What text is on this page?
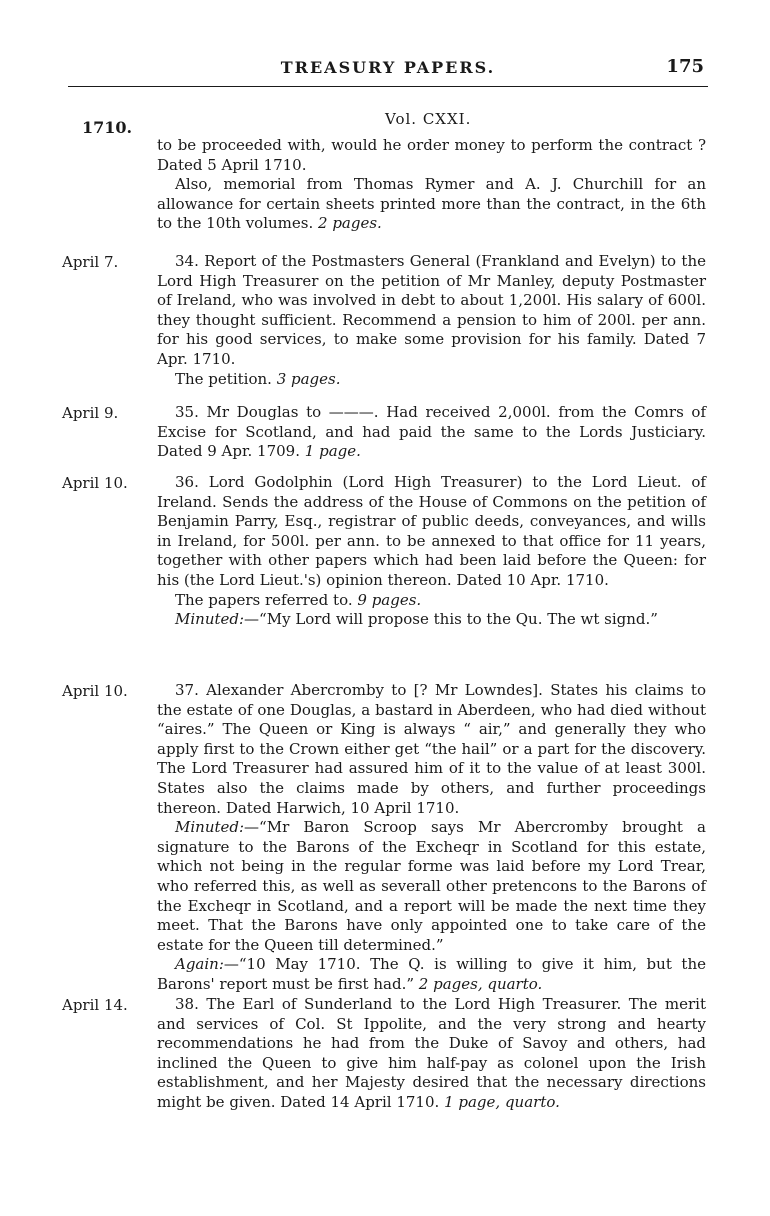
TREASURY PAPERS.	175
1710.	Vol. CXXI.

to be proceeded with, would he order money to perform the contract ? Dated 5 April 1710.

Also, memorial from Thomas Rymer and A. J. Churchill for an allowance for certain sheets printed more than the contract, in the 6th to the 10th volumes. 2 pages.

April 7.	34. Report of the Postmasters General (Frankland and Evelyn) to the Lord High Treasurer on the petition of Mr Manley, deputy Postmaster of Ireland, who was involved in debt to about 1,200l. His salary of 600l. they thought sufficient. Recommend a pension to him of 200l. per ann. for his good services, to make some provision for his family. Dated 7 Apr. 1710.

The petition. 3 pages.

April 9.	35. Mr Douglas to ———. Had received 2,000l. from the Comrs of Excise for Scotland, and had paid the same to the Lords Justiciary. Dated 9 Apr. 1709. 1 page.

April 10.	36. Lord Godolphin (Lord High Treasurer) to the Lord Lieut. of Ireland. Sends the address of the House of Commons on the petition of Benjamin Parry, Esq., registrar of public deeds, conveyances, and wills in Ireland, for 500l. per ann. to be annexed to that office for 11 years, together with other papers which had been laid before the Queen: for his (the Lord Lieut.'s) opinion thereon. Dated 10 Apr. 1710.

The papers referred to. 9 pages.

Minuted:—“My Lord will propose this to the Qu. The wt signd.”

April 10.	37. Alexander Abercromby to [? Mr Lowndes]. States his claims to the estate of one Douglas, a bastard in Aberdeen, who had died without “aires.” The Queen or King is always “ air,” and generally they who apply first to the Crown either get “the hail” or a part for the discovery. The Lord Treasurer had assured him of it to the value of at least 300l. States also the claims made by others, and further proceedings thereon. Dated Harwich, 10 April 1710.

Minuted:—“Mr Baron Scroop says Mr Abercromby brought a signature to the Barons of the Excheqr in Scotland for this estate, which not being in the regular forme was laid before my Lord Trear, who referred this, as well as severall other pretencons to the Barons of the Excheqr in Scotland, and a report will be made the next time they meet. That the Barons have only appointed one to take care of the estate for the Queen till determined.”

Again:—“10 May 1710. The Q. is willing to give it him, but the Barons' report must be first had.” 2 pages, quarto.

April 14.	38. The Earl of Sunderland to the Lord High Treasurer. The merit and services of Col. St Ippolite, and the very strong and hearty recommendations he had from the Duke of Savoy and others, had inclined the Queen to give him half-pay as colonel upon the Irish establishment, and her Majesty desired that the necessary directions might be given. Dated 14 April 1710. 1 page, quarto.
